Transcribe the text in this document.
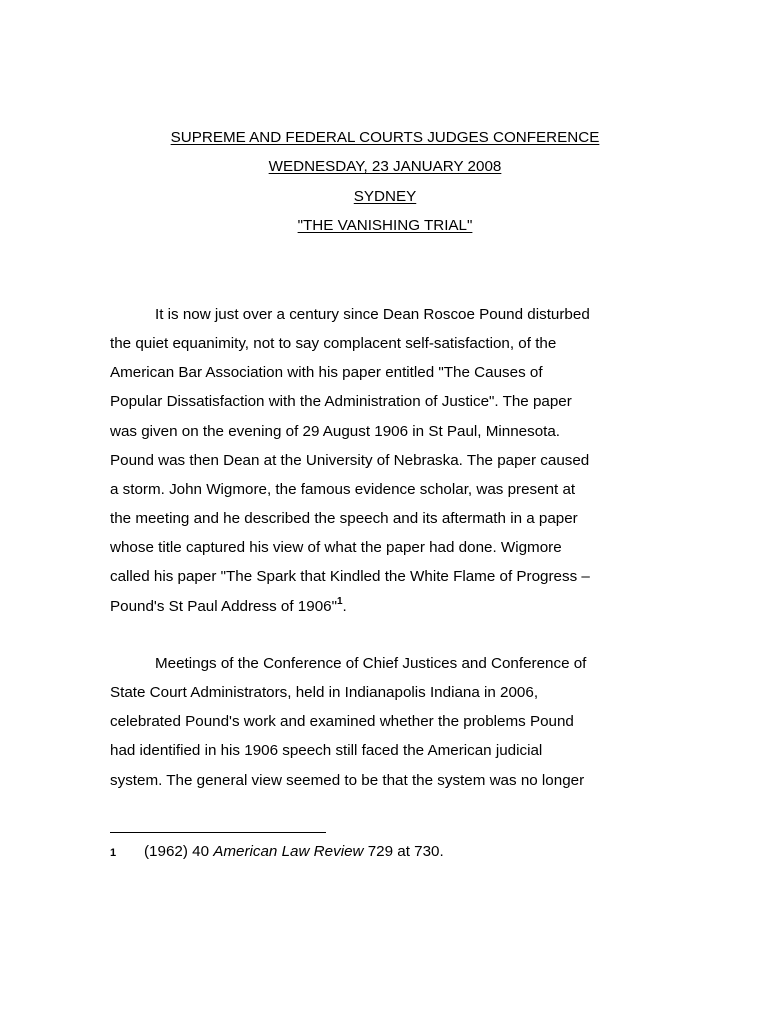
SUPREME AND FEDERAL COURTS JUDGES CONFERENCE
WEDNESDAY, 23 JANUARY 2008
SYDNEY
"THE VANISHING TRIAL"

It is now just over a century since Dean Roscoe Pound disturbed
the quiet equanimity, not to say complacent self-satisfaction, of the
American Bar Association with his paper entitled "The Causes of
Popular Dissatisfaction with the Administration of Justice". The paper
was given on the evening of 29 August 1906 in St Paul, Minnesota.
Pound was then Dean at the University of Nebraska. The paper caused
a storm. John Wigmore, the famous evidence scholar, was present at
the meeting and he described the speech and its aftermath in a paper
whose title captured his view of what the paper had done. Wigmore
called his paper "The Spark that Kindled the White Flame of Progress –
Pound's St Paul Address of 1906"$^1$.

Meetings of the Conference of Chief Justices and Conference of
State Court Administrators, held in Indianapolis Indiana in 2006,
celebrated Pound's work and examined whether the problems Pound
had identified in his 1906 speech still faced the American judicial
system. The general view seemed to be that the system was no longer

1 (1962) 40 American Law Review 729 at 730.
